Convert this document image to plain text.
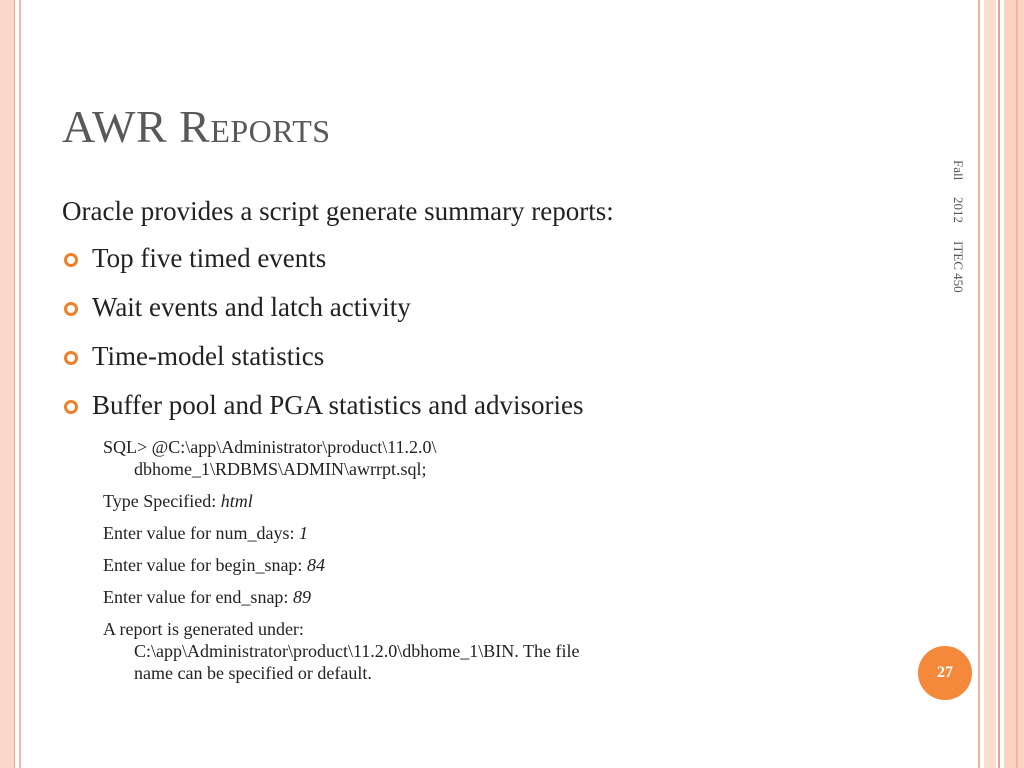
AWR Reports
Fall 2012 ITEC 450
Oracle provides a script generate summary reports:
Top five timed events
Wait events and latch activity
Time-model statistics
Buffer pool and PGA statistics and advisories
SQL> @C:\app\Administrator\product\11.2.0\
dbhome_1\RDBMS\ADMIN\awrrpt.sql;
Type Specified: html
Enter value for num_days: 1
Enter value for begin_snap: 84
Enter value for end_snap: 89
A report is generated under:
C:\app\Administrator\product\11.2.0\dbhome_1\BIN. The file
name can be specified or default.	27
